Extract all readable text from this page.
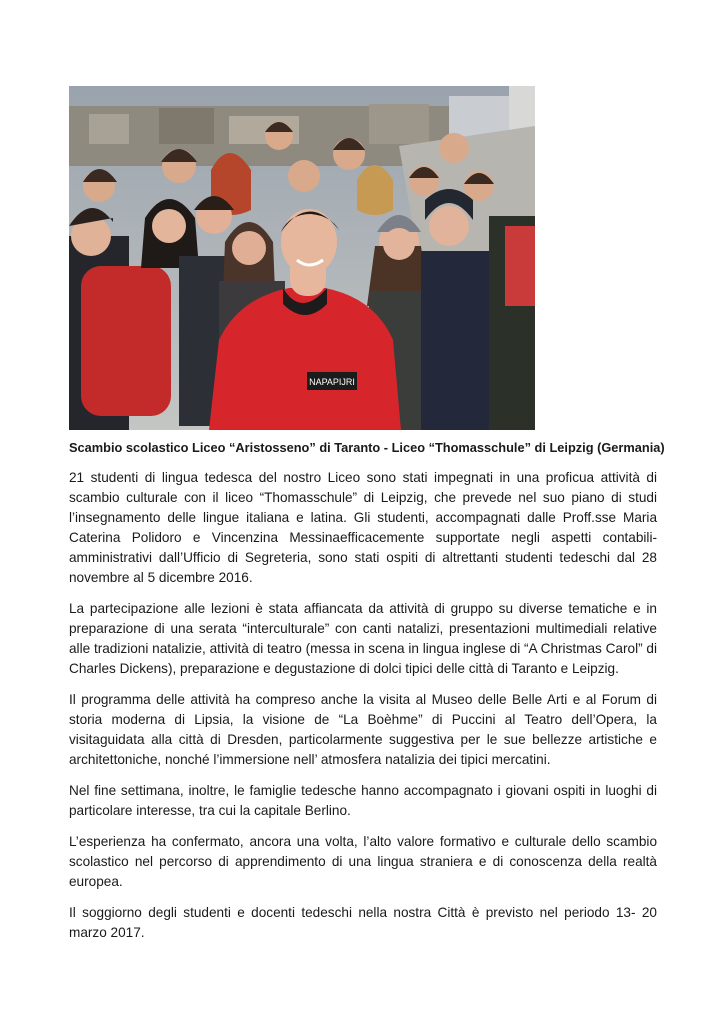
NAPAPIJRI
Scambio scolastico Liceo “Aristosseno” di Taranto - Liceo “Thomasschule” di Leipzig (Germania)

21 studenti di lingua tedesca del nostro Liceo sono stati impegnati in una proficua attività di scambio culturale con il liceo “Thomasschule” di Leipzig, che prevede nel suo piano di studi l’insegnamento delle lingue italiana e latina. Gli studenti, accompagnati dalle Proff.sse Maria Caterina Polidoro e Vincenzina Messinaefficacemente supportate negli aspetti contabili-amministrativi dall’Ufficio di Segreteria, sono stati ospiti di altrettanti studenti tedeschi dal 28 novembre al 5 dicembre 2016.

La partecipazione alle lezioni è stata affiancata da attività di gruppo su diverse tematiche e in preparazione di una serata “interculturale” con canti natalizi, presentazioni multimediali relative alle tradizioni natalizie, attività di teatro (messa in scena in lingua inglese di “A Christmas Carol” di Charles Dickens), preparazione e degustazione di dolci tipici delle città di Taranto e Leipzig.

Il programma delle attività ha compreso anche la visita al Museo delle Belle Arti e al Forum di storia moderna di Lipsia, la visione de “La Boèhme” di Puccini al Teatro dell’Opera, la visitaguidata alla città di Dresden, particolarmente suggestiva per le sue bellezze artistiche e architettoniche, nonché l’immersione nell’ atmosfera natalizia dei tipici mercatini.

Nel fine settimana, inoltre, le famiglie tedesche hanno accompagnato i giovani ospiti in luoghi di particolare interesse, tra cui la capitale Berlino.

L’esperienza ha confermato, ancora una volta, l’alto valore formativo e culturale dello scambio scolastico nel percorso di apprendimento di una lingua straniera e di conoscenza della realtà europea.

Il soggiorno degli studenti e docenti tedeschi nella nostra Città è previsto nel periodo 13- 20 marzo 2017.
